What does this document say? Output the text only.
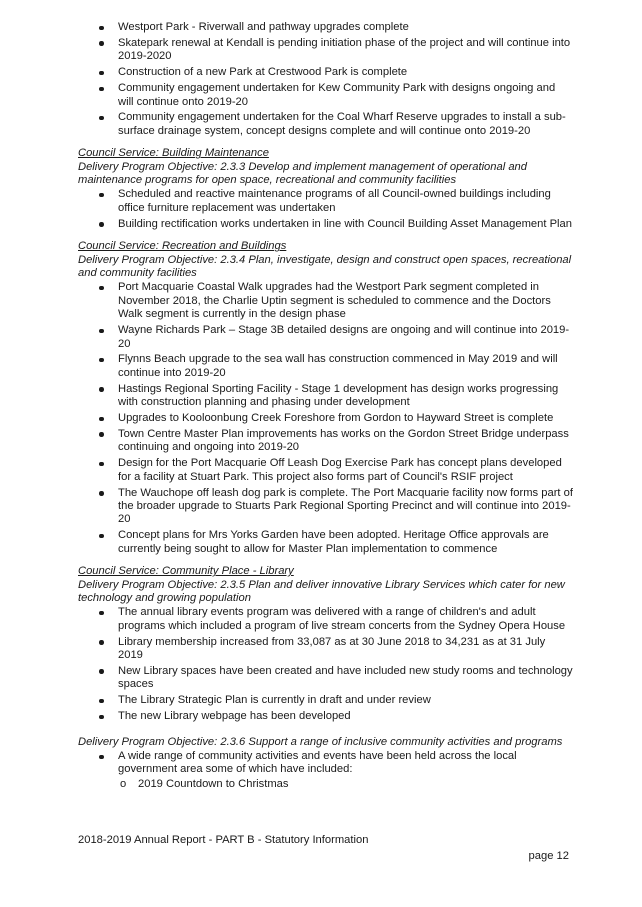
Westport Park - Riverwall and pathway upgrades complete
Skatepark renewal at Kendall is pending initiation phase of the project and will continue into 2019-2020
Construction of a new Park at Crestwood Park is complete
Community engagement undertaken for Kew Community Park with designs ongoing and will continue onto 2019-20
Community engagement undertaken for the Coal Wharf Reserve upgrades to install a sub-surface drainage system, concept designs complete and will continue onto 2019-20
Council Service: Building Maintenance
Delivery Program Objective: 2.3.3 Develop and implement management of operational and maintenance programs for open space, recreational and community facilities
Scheduled and reactive maintenance programs of all Council-owned buildings including office furniture replacement was undertaken
Building rectification works undertaken in line with Council Building Asset Management Plan
Council Service: Recreation and Buildings
Delivery Program Objective: 2.3.4 Plan, investigate, design and construct open spaces, recreational and community facilities
Port Macquarie Coastal Walk upgrades had the Westport Park segment completed in November 2018, the Charlie Uptin segment is scheduled to commence and the Doctors Walk segment is currently in the design phase
Wayne Richards Park – Stage 3B detailed designs are ongoing and will continue into 2019-20
Flynns Beach upgrade to the sea wall has construction commenced in May 2019 and will continue into 2019-20
Hastings Regional Sporting Facility - Stage 1 development has design works progressing with construction planning and phasing under development
Upgrades to Kooloonbung Creek Foreshore from Gordon to Hayward Street is complete
Town Centre Master Plan improvements has works on the Gordon Street Bridge underpass continuing and ongoing into 2019-20
Design for the Port Macquarie Off Leash Dog Exercise Park has concept plans developed for a facility at Stuart Park. This project also forms part of Council's RSIF project
The Wauchope off leash dog park is complete. The Port Macquarie facility now forms part of the broader upgrade to Stuarts Park Regional Sporting Precinct and will continue into 2019-20
Concept plans for Mrs Yorks Garden have been adopted. Heritage Office approvals are currently being sought to allow for Master Plan implementation to commence
Council Service: Community Place - Library
Delivery Program Objective: 2.3.5 Plan and deliver innovative Library Services which cater for new technology and growing population
The annual library events program was delivered with a range of children's and adult programs which included a program of live stream concerts from the Sydney Opera House
Library membership increased from 33,087 as at 30 June 2018 to 34,231 as at 31 July 2019
New Library spaces have been created and have included new study rooms and technology spaces
The Library Strategic Plan is currently in draft and under review
The new Library webpage has been developed
Delivery Program Objective: 2.3.6 Support a range of inclusive community activities and programs
A wide range of community activities and events have been held across the local government area some of which have included:
o 2019 Countdown to Christmas
2018-2019 Annual Report - PART B - Statutory Information
page 12
